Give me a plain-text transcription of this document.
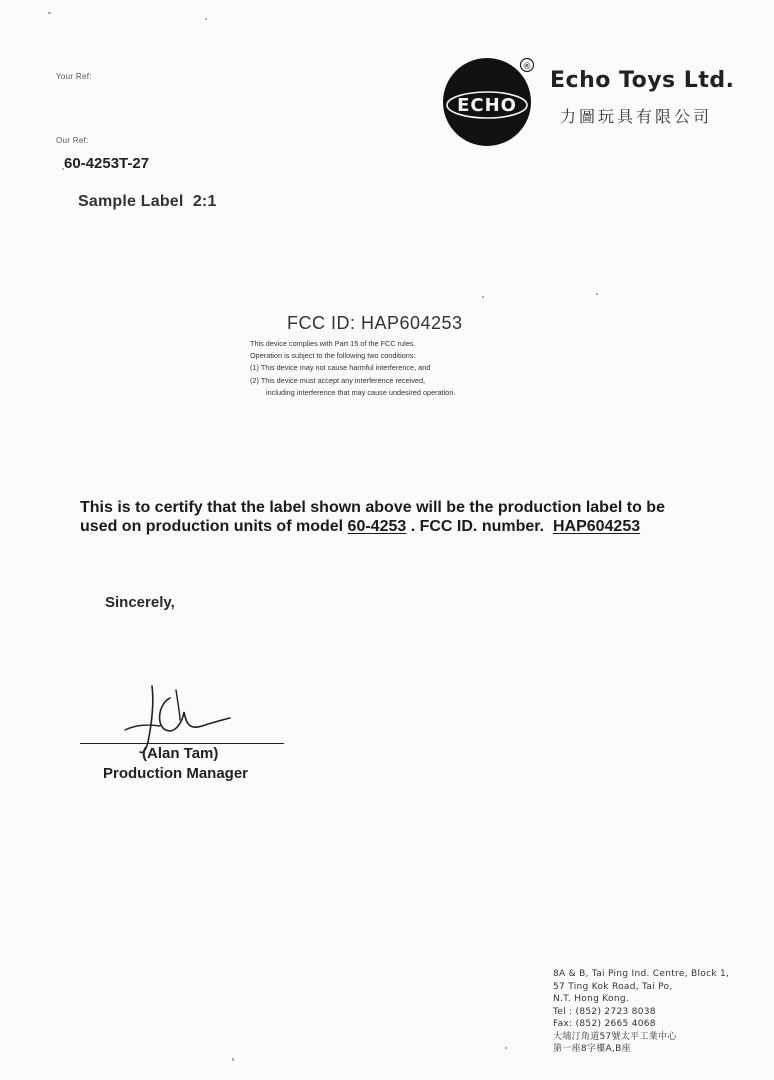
Your Ref:
Our Ref:
60-4253T-27
Sample Label  2:1
ECHO
®
Echo Toys Ltd.
力圖玩具有限公司
FCC ID: HAP604253
This device complies with Part 15 of the FCC rules.
Operation is subject to the following two conditions:
(1) This device may not cause harmful interference, and
(2) This device must accept any interference received,
including interference that may cause undesired operation.
This is to certify that the label shown above will be the production label to be
used on production units of model 60-4253 . FCC ID. number.  HAP604253
Sincerely,
(Alan Tam)
Production Manager
8A & B, Tai Ping Ind. Centre, Block 1,
57 Ting Kok Road, Tai Po,
N.T. Hong Kong.
Tel : (852) 2723 8038
Fax: (852) 2665 4068
大埔汀角道57號太平工業中心
第一座8字樓A,B座
